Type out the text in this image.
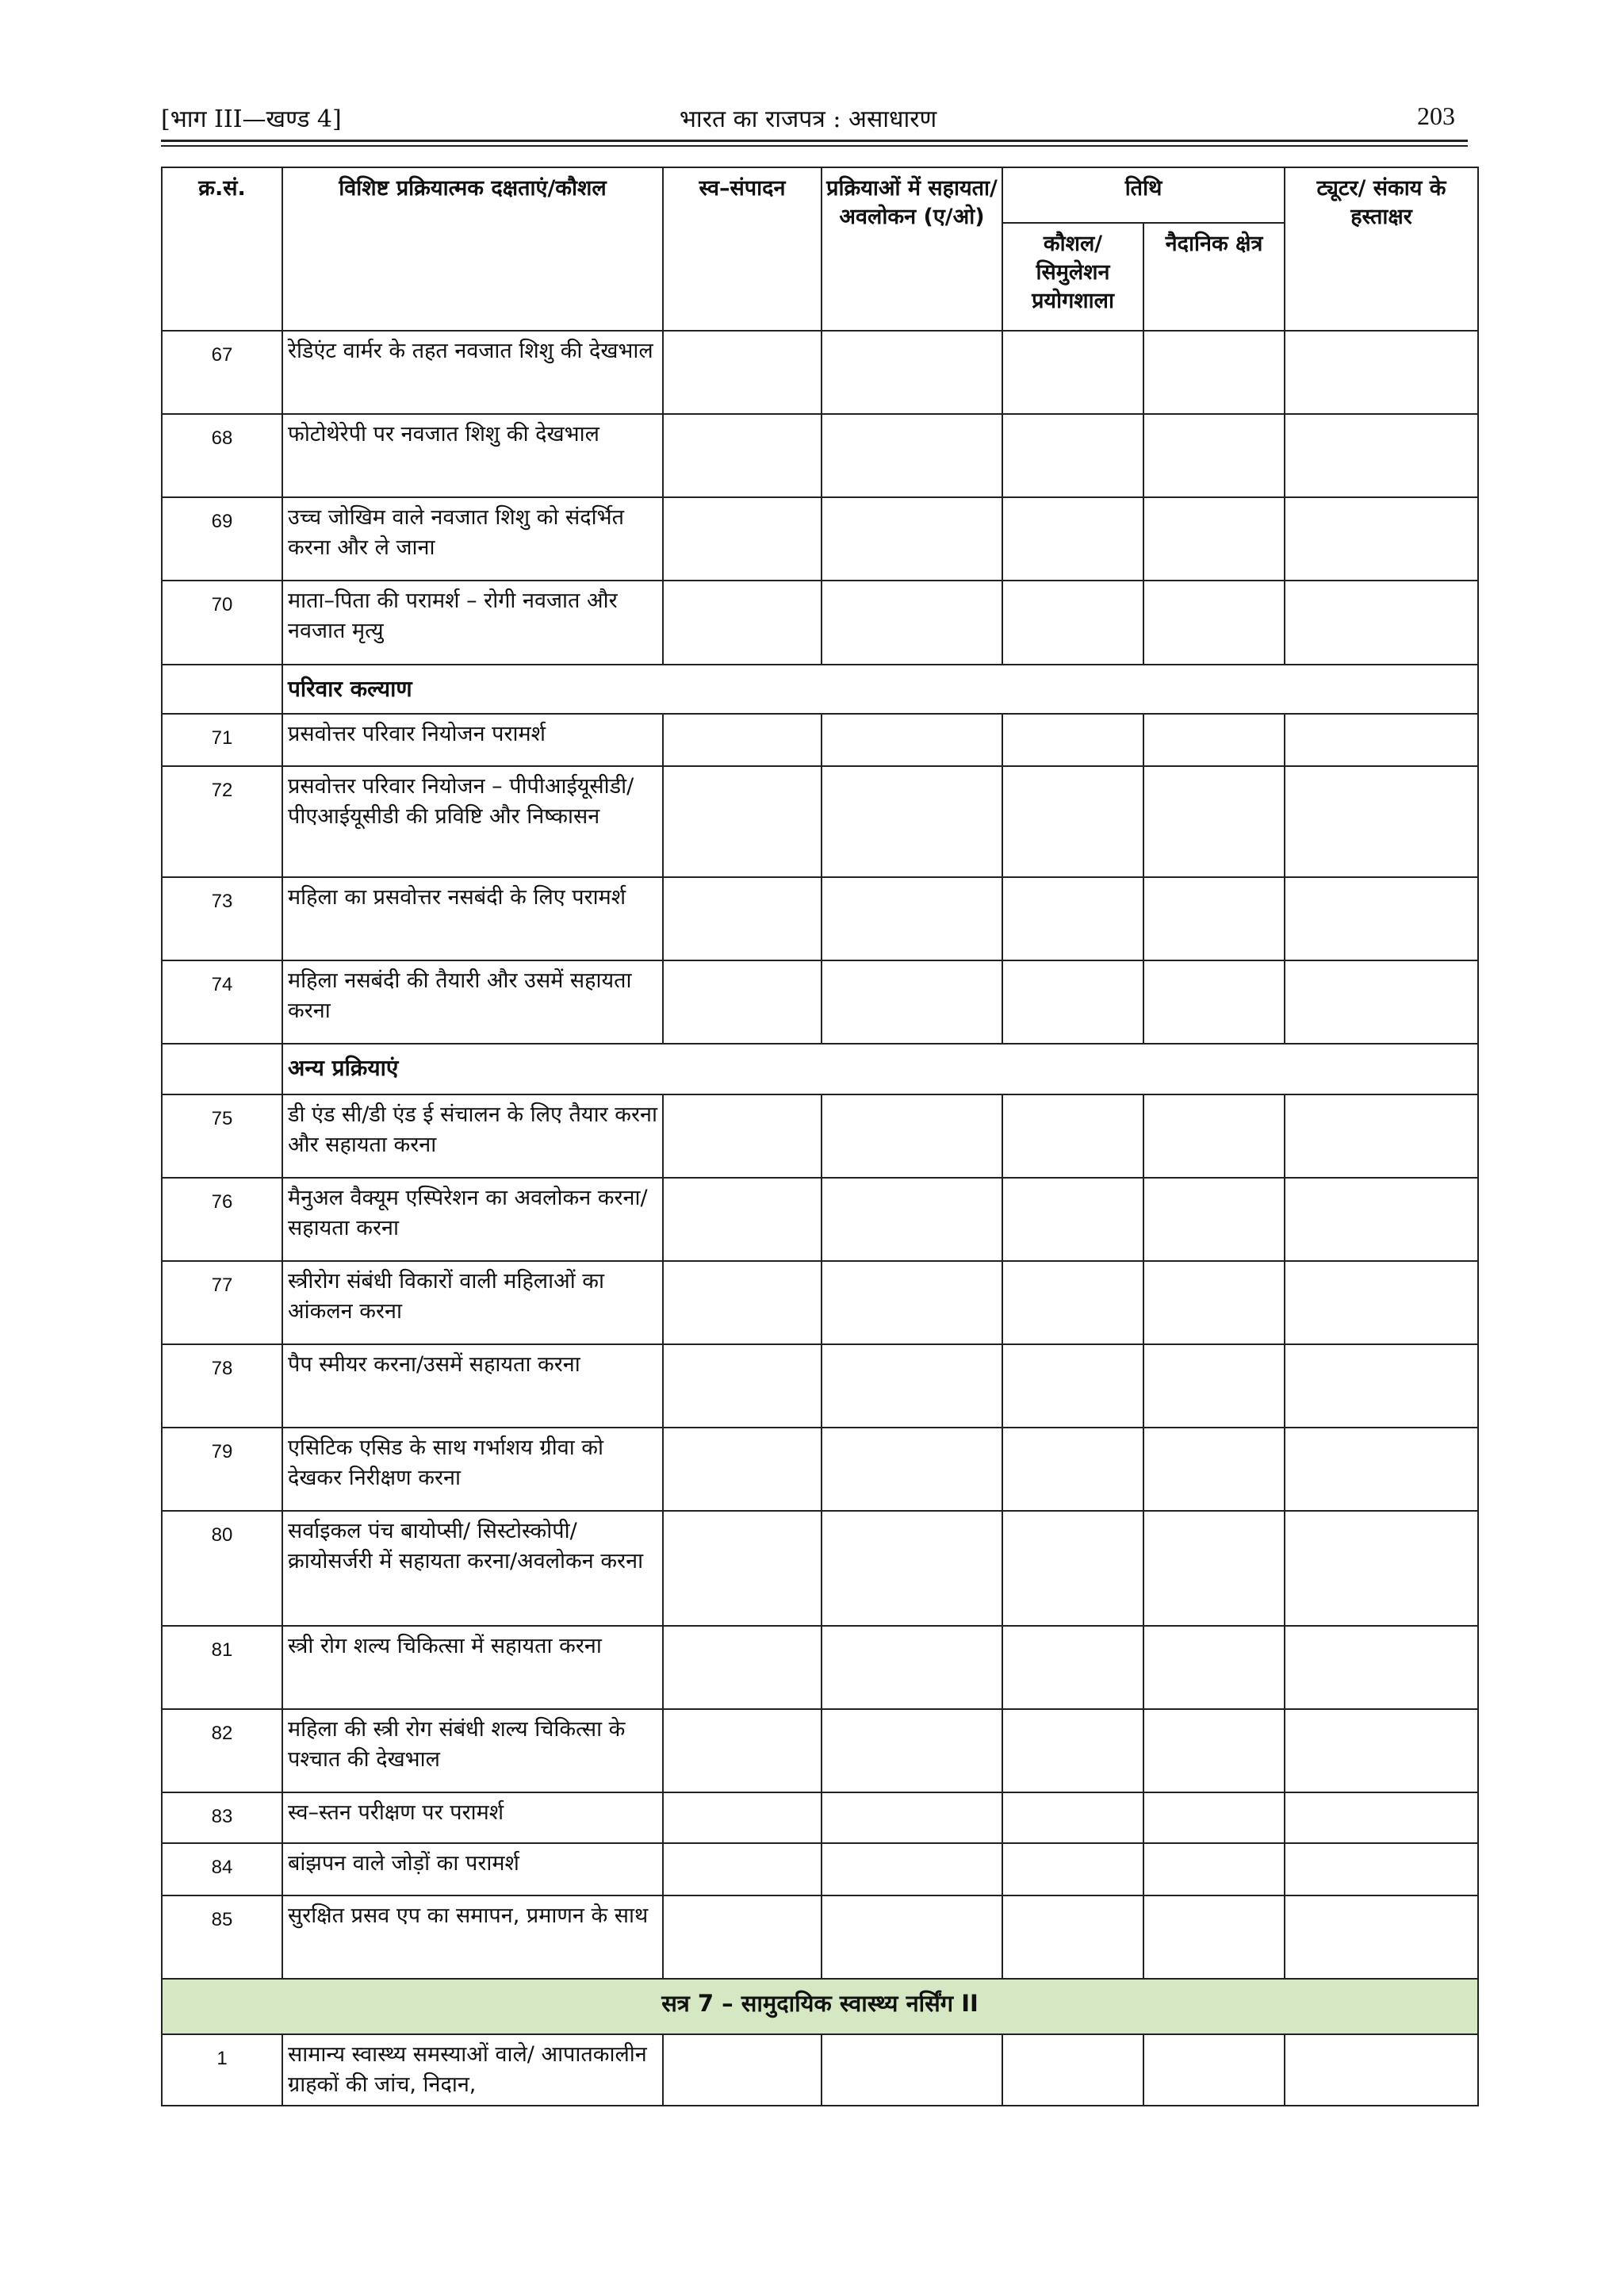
[भाग III—खण्ड 4]	भारत का राजपत्र : असाधारण	203
क्र.सं.	विशिष्ट प्रक्रियात्मक दक्षताएं/कौशल	स्व–संपादन	प्रक्रियाओं में सहायता/ अवलोकन (ए/ओ)	तिथि		ट्यूटर/ संकाय के हस्ताक्षर
				कौशल/ सिमुलेशन प्रयोगशाला	नैदानिक क्षेत्र	
67	रेडिएंट वार्मर के तहत नवजात शिशु की देखभाल					
68	फोटोथेरेपी पर नवजात शिशु की देखभाल					
69	उच्च जोखिम वाले नवजात शिशु को संदर्भित करना और ले जाना					
70	माता–पिता की परामर्श – रोगी नवजात और नवजात मृत्यु					
	परिवार कल्याण					
71	प्रसवोत्तर परिवार नियोजन परामर्श					
72	प्रसवोत्तर परिवार नियोजन – पीपीआईयूसीडी/पीएआईयूसीडी की प्रविष्टि और निष्कासन					
73	महिला का प्रसवोत्तर नसबंदी के लिए परामर्श					
74	महिला नसबंदी की तैयारी और उसमें सहायता करना					
	अन्य प्रक्रियाएं					
75	डी एंड सी/डी एंड ई संचालन के लिए तैयार करना और सहायता करना					
76	मैनुअल वैक्यूम एस्पिरेशन का अवलोकन करना/सहायता करना					
77	स्त्रीरोग संबंधी विकारों वाली महिलाओं का आंकलन करना					
78	पैप स्मीयर करना/उसमें सहायता करना					
79	एसिटिक एसिड के साथ गर्भाशय ग्रीवा को देखकर निरीक्षण करना					
80	सर्वाइकल पंच बायोप्सी/ सिस्टोस्कोपी/क्रायोसर्जरी में सहायता करना/अवलोकन करना					
81	स्त्री रोग शल्य चिकित्सा में सहायता करना					
82	महिला की स्त्री रोग संबंधी शल्य चिकित्सा के पश्चात की देखभाल					
83	स्व–स्तन परीक्षण पर परामर्श					
84	बांझपन वाले जोड़ों का परामर्श					
85	सुरक्षित प्रसव एप का समापन, प्रमाणन के साथ					
सत्र 7 – सामुदायिक स्वास्थ्य नर्सिंग II						
1	सामान्य स्वास्थ्य समस्याओं वाले/ आपातकालीन ग्राहकों की जांच, निदान,					
